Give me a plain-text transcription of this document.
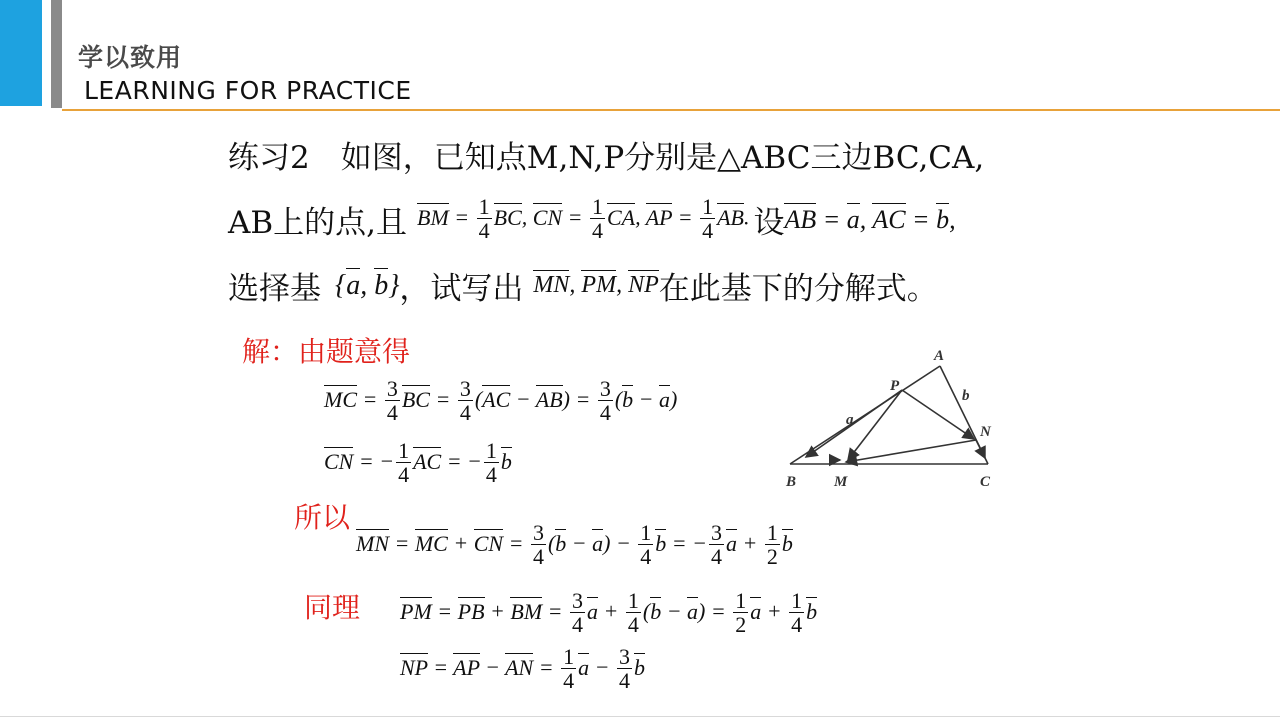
学以致用
LEARNING FOR PRACTICE
练习2　如图，已知点M,N,P分别是△ABC三边BC,CA,
AB上的点,且 BM = $\frac{1}{4}$ BC, CN = $\frac{1}{4}$ CA, AP = $\frac{1}{4}$ AB. 设 AB = a, AC = b,
选择基 {a, b} ，试写出 MN, PM, NP 在此基下的分解式。
解：由题意得
MC = $\frac{3}{4}$ BC = $\frac{3}{4} (AC - AB) = \frac{3}{4} (b - a)$
CN = − $\frac{1}{4}$ AC = − $\frac{1}{4}$ b
所以
MN = MC + CN = $\frac{3}{4} (b - a) - \frac{1}{4}$ b = − $\frac{3}{4}$ $a + \frac{1}{2}$ b
同理 PM = PB + BM = $\frac{3}{4}$ $a + \frac{1}{4} (b - a) = \frac{1}{2}$ $a + \frac{1}{4}$ b
NP = AP − AN = $\frac{1}{4}$ $a - \frac{3}{4}$ b
A
P
b
a
N
B	M	C
